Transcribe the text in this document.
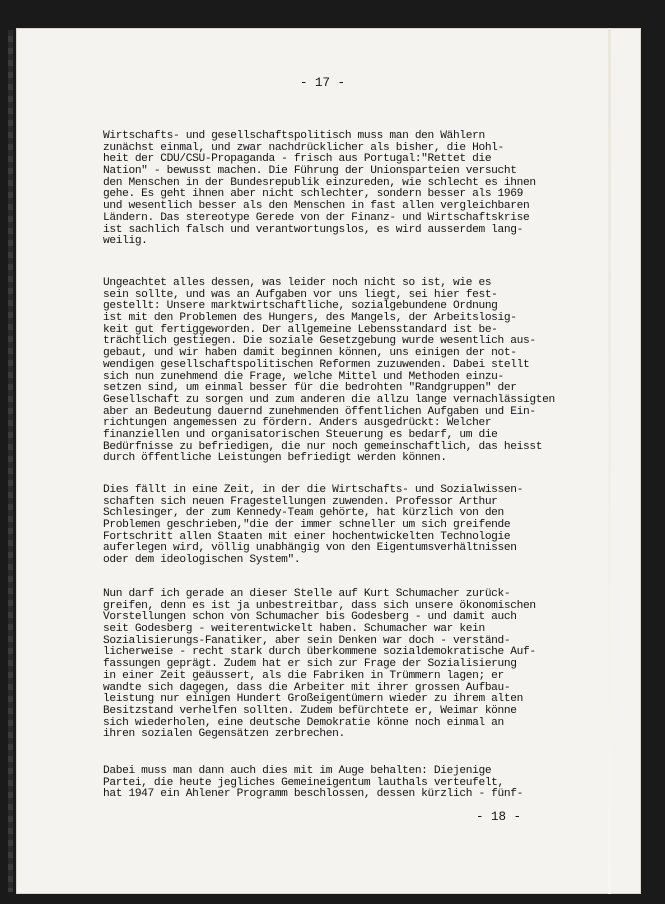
- 17 -
Wirtschafts- und gesellschaftspolitisch muss man den Wählern
zunächst einmal, und zwar nachdrücklicher als bisher, die Hohl-
heit der CDU/CSU-Propaganda - frisch aus Portugal:"Rettet die
Nation" - bewusst machen. Die Führung der Unionsparteien versucht
den Menschen in der Bundesrepublik einzureden, wie schlecht es ihnen
gehe. Es geht ihnen aber nicht schlechter, sondern besser als 1969
und wesentlich besser als den Menschen in fast allen vergleichbaren
Ländern. Das stereotype Gerede von der Finanz- und Wirtschaftskrise
ist sachlich falsch und verantwortungslos, es wird ausserdem lang-
weilig.
Ungeachtet alles dessen, was leider noch nicht so ist, wie es
sein sollte, und was an Aufgaben vor uns liegt, sei hier fest-
gestellt: Unsere marktwirtschaftliche, sozialgebundene Ordnung
ist mit den Problemen des Hungers, des Mangels, der Arbeitslosig-
keit gut fertiggeworden. Der allgemeine Lebensstandard ist be-
trächtlich gestiegen. Die soziale Gesetzgebung wurde wesentlich aus-
gebaut, und wir haben damit beginnen können, uns einigen der not-
wendigen gesellschaftspolitischen Reformen zuzuwenden. Dabei stellt
sich nun zunehmend die Frage, welche Mittel und Methoden einzu-
setzen sind, um einmal besser für die bedrohten "Randgruppen" der
Gesellschaft zu sorgen und zum anderen die allzu lange vernachlässigten
aber an Bedeutung dauernd zunehmenden öffentlichen Aufgaben und Ein-
richtungen angemessen zu fördern. Anders ausgedrückt: Welcher
finanziellen und organisatorischen Steuerung es bedarf, um die
Bedürfnisse zu befriedigen, die nur noch gemeinschaftlich, das heisst
durch öffentliche Leistungen befriedigt werden können.
Dies fällt in eine Zeit, in der die Wirtschafts- und Sozialwissen-
schaften sich neuen Fragestellungen zuwenden. Professor Arthur
Schlesinger, der zum Kennedy-Team gehörte, hat kürzlich von den
Problemen geschrieben,"die der immer schneller um sich greifende
Fortschritt allen Staaten mit einer hochentwickelten Technologie
auferlegen wird, völlig unabhängig von den Eigentumsverhältnissen
oder dem ideologischen System".
Nun darf ich gerade an dieser Stelle auf Kurt Schumacher zurück-
greifen, denn es ist ja unbestreitbar, dass sich unsere ökonomischen
Vorstellungen schon von Schumacher bis Godesberg - und damit auch
seit Godesberg - weiterentwickelt haben. Schumacher war kein
Sozialisierungs-Fanatiker, aber sein Denken war doch - verständ-
licherweise - recht stark durch überkommene sozialdemokratische Auf-
fassungen geprägt. Zudem hat er sich zur Frage der Sozialisierung
in einer Zeit geäussert, als die Fabriken in Trümmern lagen; er
wandte sich dagegen, dass die Arbeiter mit ihrer grossen Aufbau-
leistung nur einigen Hundert Großeigentümern wieder zu ihrem alten
Besitzstand verhelfen sollten. Zudem befürchtete er, Weimar könne
sich wiederholen, eine deutsche Demokratie könne noch einmal an
ihren sozialen Gegensätzen zerbrechen.
Dabei muss man dann auch dies mit im Auge behalten: Diejenige
Partei, die heute jegliches Gemeineigentum lauthals verteufelt,
hat 1947 ein Ahlener Programm beschlossen, dessen kürzlich - fünf-
- 18 -
